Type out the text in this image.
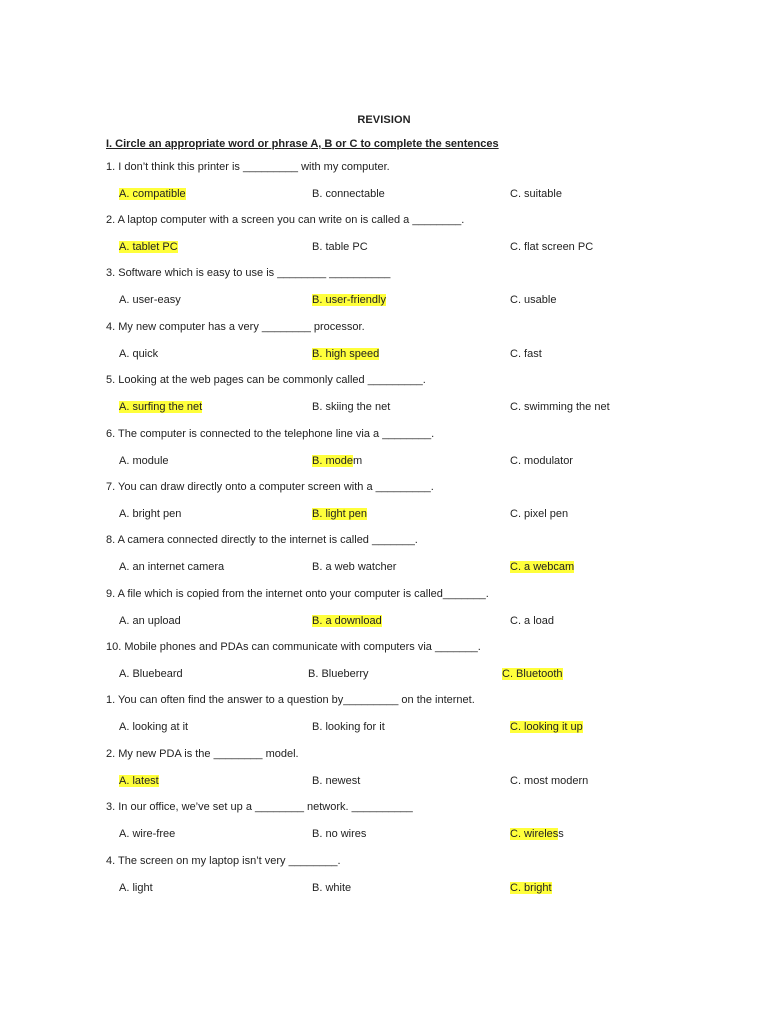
REVISION
I. Circle an appropriate word or phrase A, B or C to complete the sentences
1. I don’t think this printer is _________ with my computer.
A. compatible	B. connectable	C. suitable
2. A laptop computer with a screen you can write on is called a ________.
A. tablet PC	B. table PC	C. flat screen PC
3. Software which is easy to use is ________ __________
A. user-easy	B. user-friendly	C. usable
4. My new computer has a very ________ processor.
A. quick	B. high speed	C. fast
5. Looking at the web pages can be commonly called _________.
A. surfing the net	B. skiing the net	C. swimming the net
6. The computer is connected to the telephone line via a ________.
A. module	B. modem	C. modulator
7. You can draw directly onto a computer screen with a _________.
A. bright pen	B. light pen	C. pixel pen
8. A camera connected directly to the internet is called _______.
A. an internet camera	B. a web watcher	C. a webcam
9. A file which is copied from the internet onto your computer is called_______.
A. an upload	B. a download	C. a load
10. Mobile phones and PDAs can communicate with computers via _______.
A. Bluebeard	B. Blueberry	C. Bluetooth
1. You can often find the answer to a question by_________ on the internet.
A. looking at it	B. looking for it	C. looking it up
2. My new PDA is the ________ model.
A. latest	B. newest	C. most modern
3. In our office, we’ve set up a ________ network. __________
A. wire-free	B. no wires	C. wireless
4. The screen on my laptop isn’t very ________.
A. light	B. white	C. bright
